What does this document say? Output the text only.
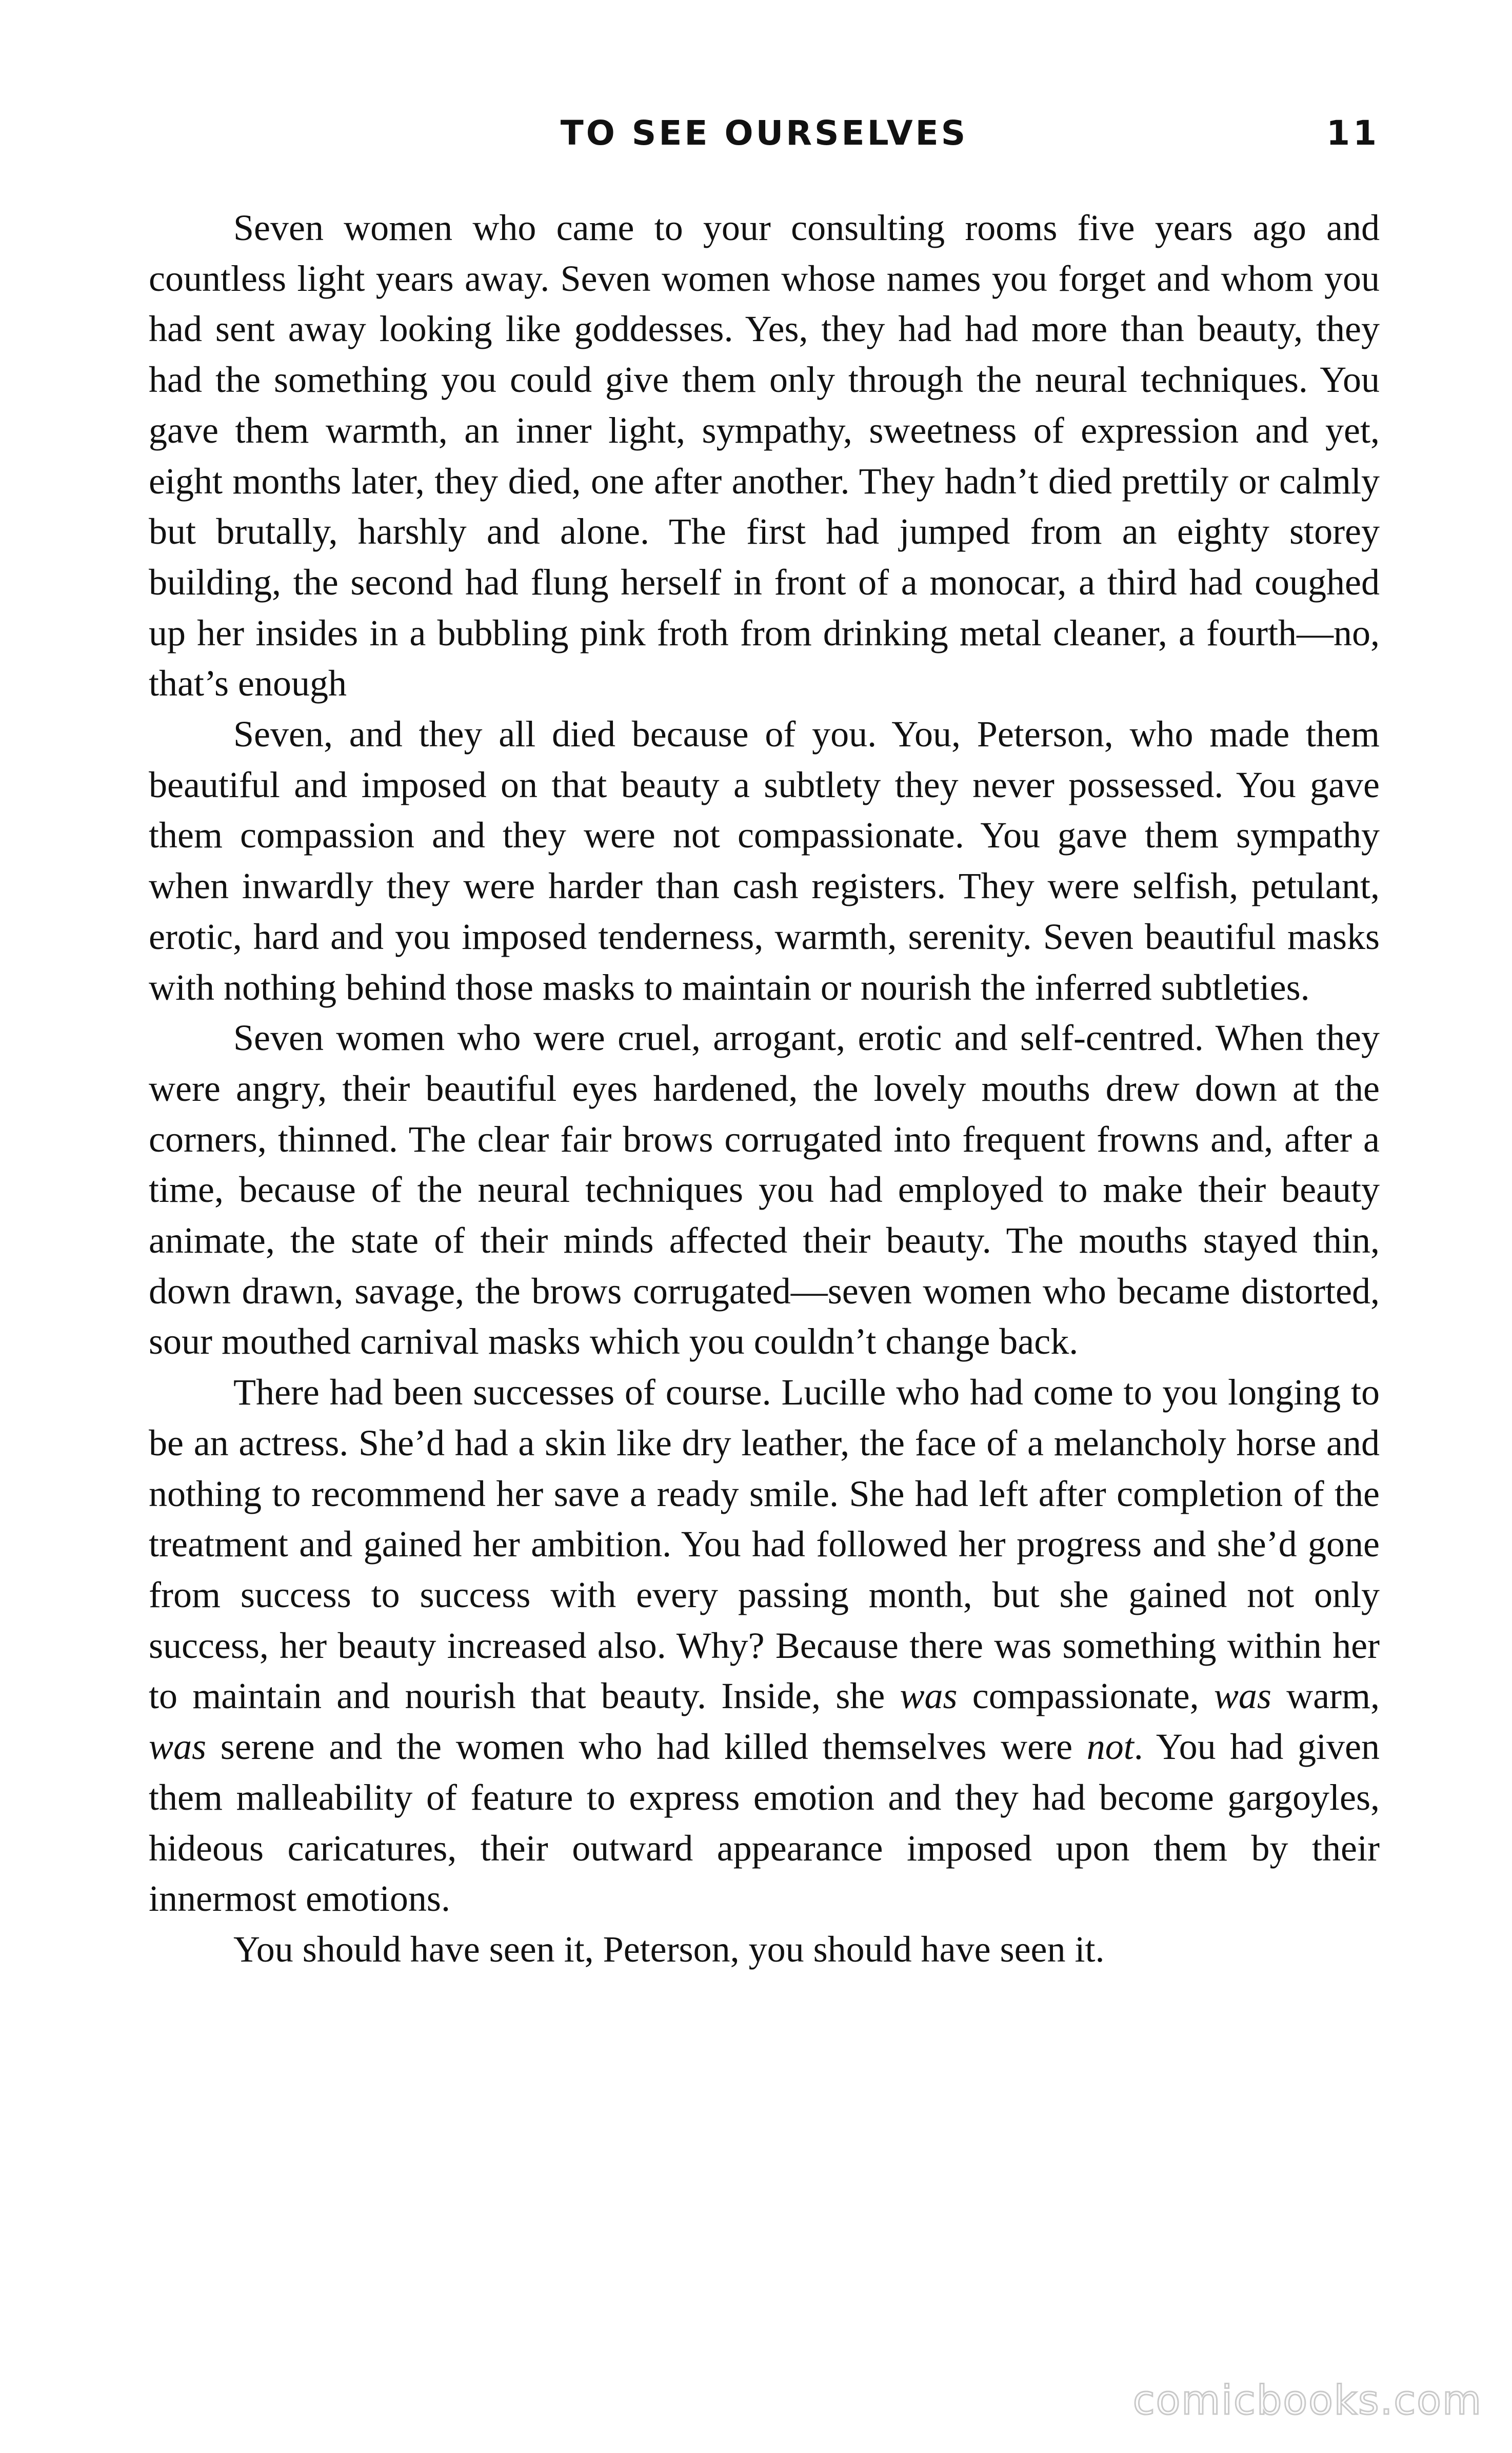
TO SEE OURSELVES	11

Seven women who came to your consulting rooms five years ago and countless light years away. Seven women whose names you forget and whom you had sent away looking like goddesses. Yes, they had had more than beauty, they had the something you could give them only through the neural techniques. You gave them warmth, an inner light, sympathy, sweetness of expression and yet, eight months later, they died, one after another. They hadn’t died prettily or calmly but brutally, harshly and alone. The first had jumped from an eighty storey building, the second had flung herself in front of a monocar, a third had coughed up her insides in a bubbling pink froth from drinking metal cleaner, a fourth—no, that’s enough

Seven, and they all died because of you. You, Peterson, who made them beautiful and imposed on that beauty a subtlety they never possessed. You gave them compassion and they were not compassionate. You gave them sympathy when inwardly they were harder than cash registers. They were selfish, petulant, erotic, hard and you imposed tenderness, warmth, serenity. Seven beautiful masks with nothing behind those masks to maintain or nourish the inferred subtleties.

Seven women who were cruel, arrogant, erotic and self-centred. When they were angry, their beautiful eyes hardened, the lovely mouths drew down at the corners, thinned. The clear fair brows corrugated into frequent frowns and, after a time, because of the neural techniques you had employed to make their beauty animate, the state of their minds affected their beauty. The mouths stayed thin, down drawn, savage, the brows corrugated—seven women who became distorted, sour mouthed carnival masks which you couldn’t change back.

There had been successes of course. Lucille who had come to you longing to be an actress. She’d had a skin like dry leather, the face of a melancholy horse and nothing to recommend her save a ready smile. She had left after completion of the treatment and gained her ambition. You had followed her progress and she’d gone from success to success with every passing month, but she gained not only success, her beauty increased also. Why? Because there was something within her to maintain and nourish that beauty. Inside, she was compassionate, was warm, was serene and the women who had killed themselves were not. You had given them malleability of feature to express emotion and they had become gargoyles, hideous caricatures, their outward appearance imposed upon them by their innermost emotions.

You should have seen it, Peterson, you should have seen it.

comicbooks.com
